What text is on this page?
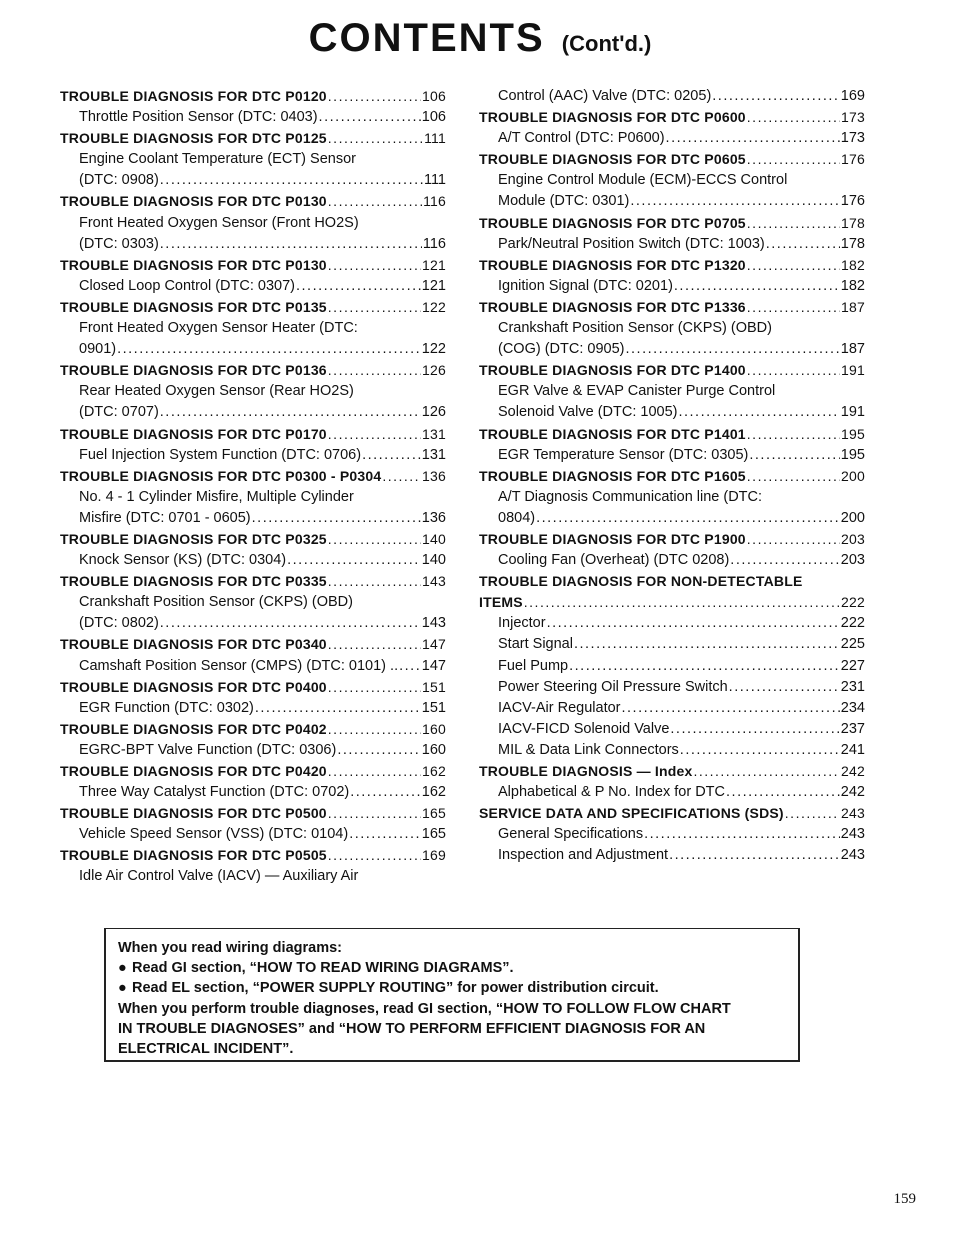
CONTENTS (Cont'd.)
TROUBLE DIAGNOSIS FOR DTC P0120 .....	106
Throttle Position Sensor (DTC: 0403) .....	106
TROUBLE DIAGNOSIS FOR DTC P0125 .....	111
Engine Coolant Temperature (ECT) Sensor
(DTC: 0908) .....	111
TROUBLE DIAGNOSIS FOR DTC P0130 .....	116
Front Heated Oxygen Sensor (Front HO2S)
(DTC: 0303) .....	116
TROUBLE DIAGNOSIS FOR DTC P0130 .....	121
Closed Loop Control (DTC: 0307) .....	121
TROUBLE DIAGNOSIS FOR DTC P0135 .....	122
Front Heated Oxygen Sensor Heater (DTC:
0901) .....	122
TROUBLE DIAGNOSIS FOR DTC P0136 .....	126
Rear Heated Oxygen Sensor (Rear HO2S)
(DTC: 0707) .....	126
TROUBLE DIAGNOSIS FOR DTC P0170 .....	131
Fuel Injection System Function (DTC: 0706) .....	131
TROUBLE DIAGNOSIS FOR DTC P0300 - P0304 .....	136
No. 4 - 1 Cylinder Misfire, Multiple Cylinder
Misfire (DTC: 0701 - 0605) .....	136
TROUBLE DIAGNOSIS FOR DTC P0325 .....	140
Knock Sensor (KS) (DTC: 0304) .....	140
TROUBLE DIAGNOSIS FOR DTC P0335 .....	143
Crankshaft Position Sensor (CKPS) (OBD)
(DTC: 0802) .....	143
TROUBLE DIAGNOSIS FOR DTC P0340 .....	147
Camshaft Position Sensor (CMPS) (DTC: 0101) .. ..... 147
TROUBLE DIAGNOSIS FOR DTC P0400 .....	151
EGR Function (DTC: 0302) .....	151
TROUBLE DIAGNOSIS FOR DTC P0402 .....	160
EGRC-BPT Valve Function (DTC: 0306) .....	160
TROUBLE DIAGNOSIS FOR DTC P0420 .....	162
Three Way Catalyst Function (DTC: 0702) .....	162
TROUBLE DIAGNOSIS FOR DTC P0500 .....	165
Vehicle Speed Sensor (VSS) (DTC: 0104) .....	165
TROUBLE DIAGNOSIS FOR DTC P0505 .....	169
Idle Air Control Valve (IACV) — Auxiliary Air
Control (AAC) Valve (DTC: 0205) .....	169
TROUBLE DIAGNOSIS FOR DTC P0600 .....	173
A/T Control (DTC: P0600) .....	173
TROUBLE DIAGNOSIS FOR DTC P0605 .....	176
Engine Control Module (ECM)-ECCS Control
Module (DTC: 0301) .....	176
TROUBLE DIAGNOSIS FOR DTC P0705 .....	178
Park/Neutral Position Switch (DTC: 1003) .....	178
TROUBLE DIAGNOSIS FOR DTC P1320 .....	182
Ignition Signal (DTC: 0201) .....	182
TROUBLE DIAGNOSIS FOR DTC P1336 .....	187
Crankshaft Position Sensor (CKPS) (OBD)
(COG) (DTC: 0905) .....	187
TROUBLE DIAGNOSIS FOR DTC P1400 .....	191
EGR Valve & EVAP Canister Purge Control
Solenoid Valve (DTC: 1005) .....	191
TROUBLE DIAGNOSIS FOR DTC P1401 .....	195
EGR Temperature Sensor (DTC: 0305) .....	195
TROUBLE DIAGNOSIS FOR DTC P1605 .....	200
A/T Diagnosis Communication line (DTC:
0804) .....	200
TROUBLE DIAGNOSIS FOR DTC P1900 .....	203
Cooling Fan (Overheat) (DTC 0208) .....	203
TROUBLE DIAGNOSIS FOR NON-DETECTABLE
ITEMS .....	222
Injector .....	222
Start Signal .....	225
Fuel Pump .....	227
Power Steering Oil Pressure Switch .....	231
IACV-Air Regulator .....	234
IACV-FICD Solenoid Valve .....	237
MIL & Data Link Connectors .....	241
TROUBLE DIAGNOSIS — Index .....	242
Alphabetical & P No. Index for DTC .....	242
SERVICE DATA AND SPECIFICATIONS (SDS) .....	243
General Specifications .....	243
Inspection and Adjustment .....	243
When you read wiring diagrams:
● Read GI section, “HOW TO READ WIRING DIAGRAMS”.
● Read EL section, “POWER SUPPLY ROUTING” for power distribution circuit.
When you perform trouble diagnoses, read GI section, “HOW TO FOLLOW FLOW CHART
IN TROUBLE DIAGNOSES” and “HOW TO PERFORM EFFICIENT DIAGNOSIS FOR AN
ELECTRICAL INCIDENT”.
159
